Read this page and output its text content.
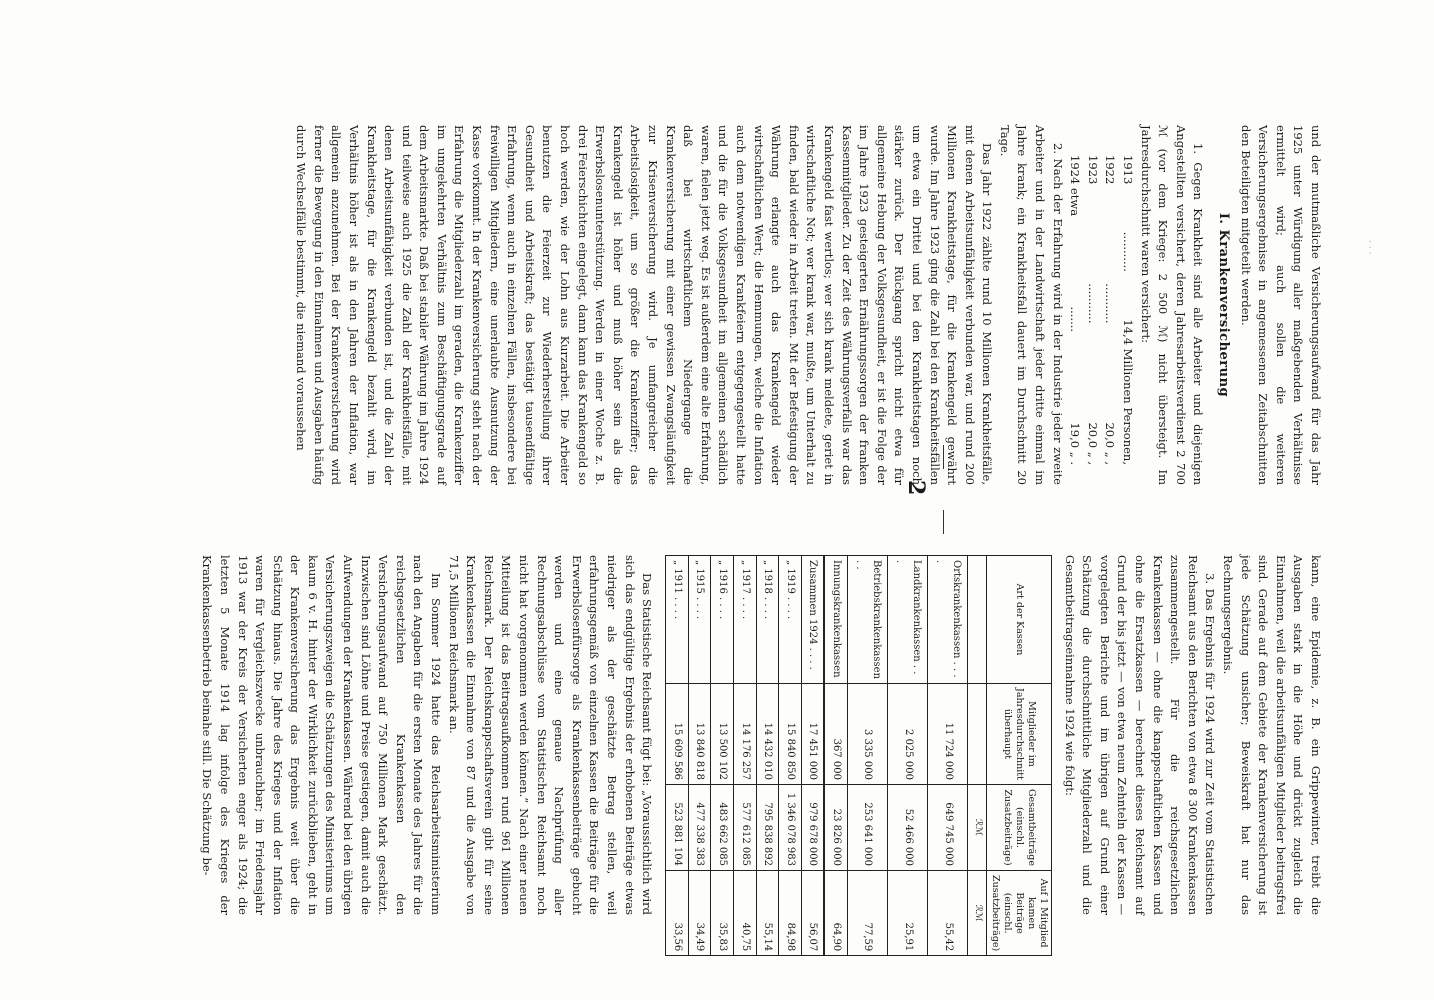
· · ·
2

und der mutmaßliche Versicherungsaufwand für das Jahr 1925 unter Würdigung aller maßgebenden Verhältnisse ermittelt wird; auch sollen die weiteren Versicherungsergebnisse in angemessenen Zeitabschnitten den Beteiligten mitgeteilt werden.

I. Krankenversicherung

1. Gegen Krankheit sind alle Arbeiter und diejenigen Angestellten versichert, deren Jahresarbeitsverdienst 2 700 ℳ (vor dem Kriege: 2 500 ℳ) nicht übersteigt. Im Jahresdurchschnitt waren versichert:

1913
...........
14,4 Millionen Personen,
1922
...........
20,0 „ ,
1923
...........
20,0 „ ,
1924 etwa
.......
19,0 „ .

2. Nach der Erfahrung wird in der Industrie jeder zweite Arbeiter und in der Landwirtschaft jeder dritte einmal im Jahre krank; ein Krankheitsfall dauert im Durchschnitt 20 Tage.

Das Jahr 1922 zählte rund 10 Millionen Krankheitsfälle, mit denen Arbeitsunfähigkeit verbunden war, und rund 200 Millionen Krankheitstage, für die Krankengeld gewährt wurde. Im Jahre 1923 ging die Zahl bei den Krankheitsfällen um etwa ein Drittel und bei den Krankheitstagen noch stärker zurück. Der Rückgang spricht nicht etwa für allgemeine Hebung der Volksgesundheit, er ist die Folge der im Jahre 1923 gesteigerten Ernährungssorgen der franken Kassenmitglieder. Zu der Zeit des Währungsverfalls war das Krankengeld fast wertlos; wer sich krank meldete, geriet in wirtschaftliche Not; wer krank war, mußte, um Unterhalt zu finden, bald wieder in Arbeit treten. Mit der Befestigung der Währung erlangte auch das Krankengeld wieder wirtschaftlichen Wert; die Hemmungen, welche die Inflation auch dem notwendigen Krankfeiern entgegengestellt hatte und die für die Volksgesundheit im allgemeinen schädlich waren, fielen jetzt weg. Es ist außerdem eine alte Erfahrung, daß bei wirtschaftlichem Niedergange die Krankenversicherung mit einer gewissen Zwangsläufigkeit zur Krisenversicherung wird. Je umfangreicher die Arbeitslosigkeit, um so größer die Krankenziffer; das Krankengeld ist höher und muß höher sein als die Erwerbslosenunterstützung. Werden in einer Woche z. B. drei Feierschichten eingelegt, dann kann das Krankengeld so hoch werden, wie der Lohn aus Kurzarbeit. Die Arbeiter benutzen die Feierzeit zur Wiederherstellung ihrer Gesundheit und Arbeitskraft; das bestätigt tausendfältige Erfahrung, wenn auch in einzelnen Fällen, insbesondere bei freiwilligen Mitgliedern, eine unerlaubte Ausnutzung der Kasse vorkommt. In der Krankenversicherung steht nach der Erfahrung die Mitgliederzahl im geraden, die Krankenziffer im umgekehrten Verhältnis zum Beschäftigungsgrade auf dem Arbeitsmarkte. Daß bei stabiler Währung im Jahre 1924 und teilweise auch 1925 die Zahl der Krankheitsfälle, mit denen Arbeitsunfähigkeit verbunden ist, und die Zahl der Krankheitstage, für die Krankengeld bezahlt wird, im Verhältnis höher ist als in den Jahren der Inflation, war allgemein anzunehmen. Bei der Krankenversicherung wird ferner die Bewegung in den Einnahmen und Ausgaben häufig durch Wechselfälle bestimmt, die niemand voraussehen

kann, eine Epidemie, z. B. ein Grippewinter, treibt die Ausgaben stark in die Höhe und drückt zugleich die Einnahmen, weil die arbeitsunfähigen Mitglieder beitragsfrei sind. Gerade auf dem Gebiete der Krankenversicherung ist jede Schätzung unsicher; Beweiskraft hat nur das Rechnungsergebnis.

3. Das Ergebnis für 1924 wird zur Zeit vom Statistischen Reichsamt aus den Berichten von etwa 8 300 Krankenkassen zusammengestellt. Für die reichsgesetzlichen Krankenkassen — ohne die knappschaftlichen Kassen und ohne die Ersatzkassen — berechnet dieses Reichsamt auf Grund der bis jetzt — von etwa neun Zehnteln der Kassen — vorgelegten Berichte und im übrigen auf Grund einer Schätzung die durchschnittliche Mitgliederzahl und die Gesamtbeitragseinnahme 1924 wie folgt:

Art der Kassen	Mitglieder im Jahresdurchschnitt überhaupt	Gesamtbeiträge (einschl. Zusatzbeiträge)	Auf 1 Mitglied kamen Beiträge (einschl. Zusatzbeiträge)
		ℛℳ	ℛℳ
Ortskrankenkassen . . . .	11 724 000	649 745 000	55,42
Landkrankenkassen . . .	2 025 000	52 466 000	25,91
Betriebskrankenkassen . .	3 335 000	253 641 000	77,59
Innungskrankenkassen	367 000	23 826 000	64,90
Zusammen 1924 . . . .	17 451 000	979 678 000	56,07
„ 1919 . . . .	15 840 850	1 346 078 983	84,98
„ 1918 . . . .	14 432 010	795 838 892	55,14
„ 1917 . . . .	14 176 257	577 612 085	40,75
„ 1916 . . . .	13 500 102	483 662 085	35,83
„ 1915 . . . .	13 840 818	477 338 383	34,49
„ 1911 . . . .	15 609 586	523 881 104	33,56

Das Statistische Reichsamt fügt bei: „Voraussichtlich wird sich das endgültige Ergebnis der erhobenen Beiträge etwas niedriger als der geschätzte Betrag stellen, weil erfahrungsgemäß von einzelnen Kassen die Beiträge für die Erwerbslosenfürsorge als Krankenkassenbeiträge gebucht werden und eine genaue Nachprüfung aller Rechnungsabschlüsse vom Statistischen Reichsamt noch nicht hat vorgenommen werden können.“ Nach einer neuen Mitteilung ist das Beitragsaufkommen rund 961 Millionen Reichsmark. Der Reichsknappschaftsverein gibt für seine Krankenkassen die Einnahme von 87 und die Ausgabe von 71,5 Millionen Reichsmark an.

Im Sommer 1924 hatte das Reichsarbeitsministerium nach den Angaben für die ersten Monate des Jahres für die reichsgesetzlichen Krankenkassen den Versicherungsaufwand auf 750 Millionen Mark geschätzt. Inzwischen sind Löhne und Preise gestiegen, damit auch die Aufwendungen der Krankenkassen. Während bei den übrigen Versicherungszweigen die Schätzungen des Ministeriums um kaum 6 v. H. hinter der Wirklichkeit zurückblieben, geht in der Krankenversicherung das Ergebnis weit über die Schätzung hinaus. Die Jahre des Krieges und der Inflation waren für Vergleichszwecke unbrauchbar; im Friedensjahr 1913 war der Kreis der Versicherten enger als 1924; die letzten 5 Monate 1914 lag infolge des Krieges der Krankenkassenbetrieb beinahe still. Die Schätzung be-
